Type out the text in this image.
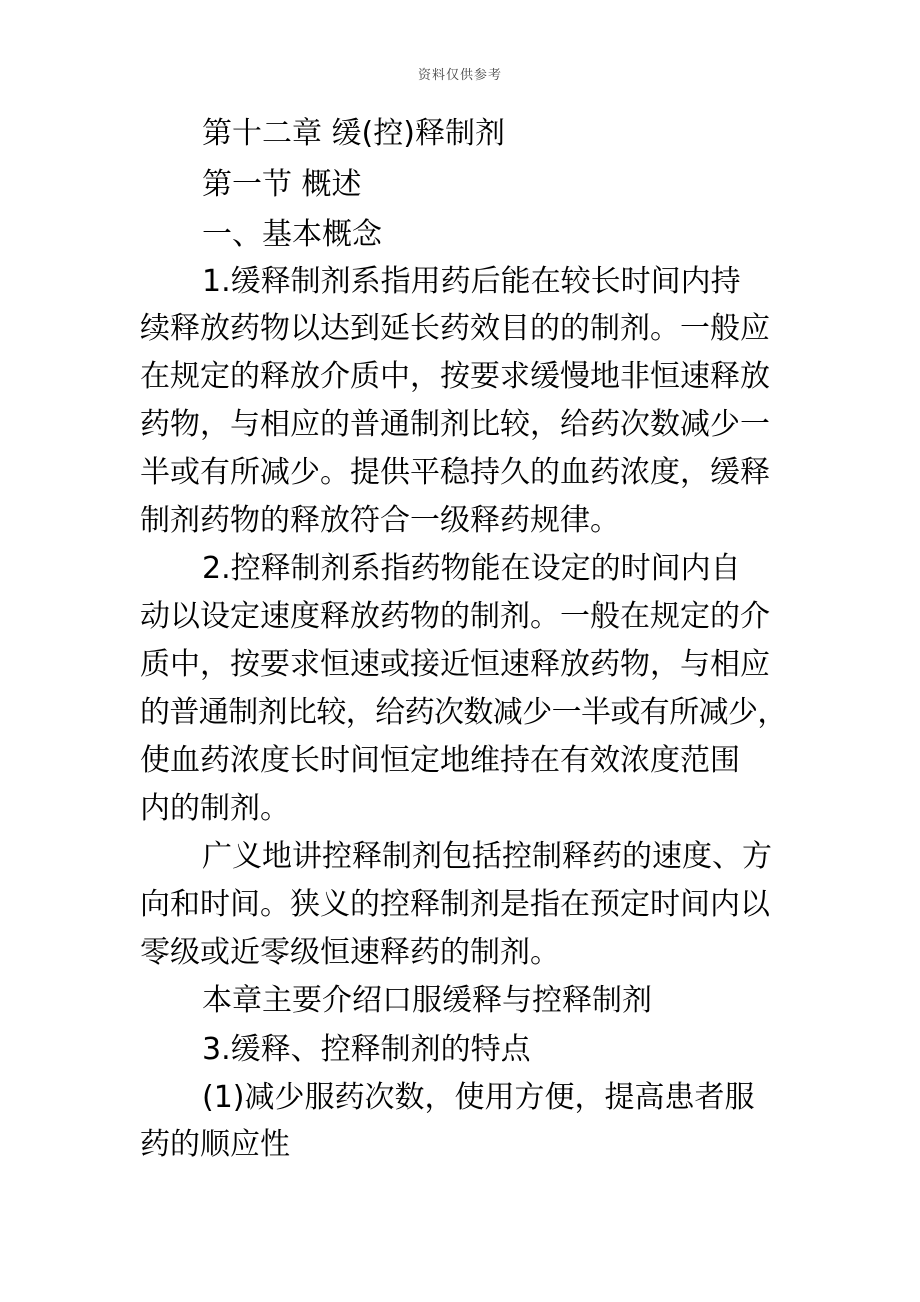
资料仅供参考
第十二章 缓(控)释制剂
第一节 概述
一、基本概念
1.缓释制剂系指用药后能在较长时间内持
续释放药物以达到延长药效目的的制剂。一般应
在规定的释放介质中，按要求缓慢地非恒速释放
药物，与相应的普通制剂比较，给药次数减少一
半或有所减少。提供平稳持久的血药浓度，缓释
制剂药物的释放符合一级释药规律。
2.控释制剂系指药物能在设定的时间内自
动以设定速度释放药物的制剂。一般在规定的介
质中，按要求恒速或接近恒速释放药物，与相应
的普通制剂比较，给药次数减少一半或有所减少，
使血药浓度长时间恒定地维持在有效浓度范围
内的制剂。
广义地讲控释制剂包括控制释药的速度、方
向和时间。狭义的控释制剂是指在预定时间内以
零级或近零级恒速释药的制剂。
本章主要介绍口服缓释与控释制剂
3.缓释、控释制剂的特点
(1)减少服药次数，使用方便，提高患者服
药的顺应性
